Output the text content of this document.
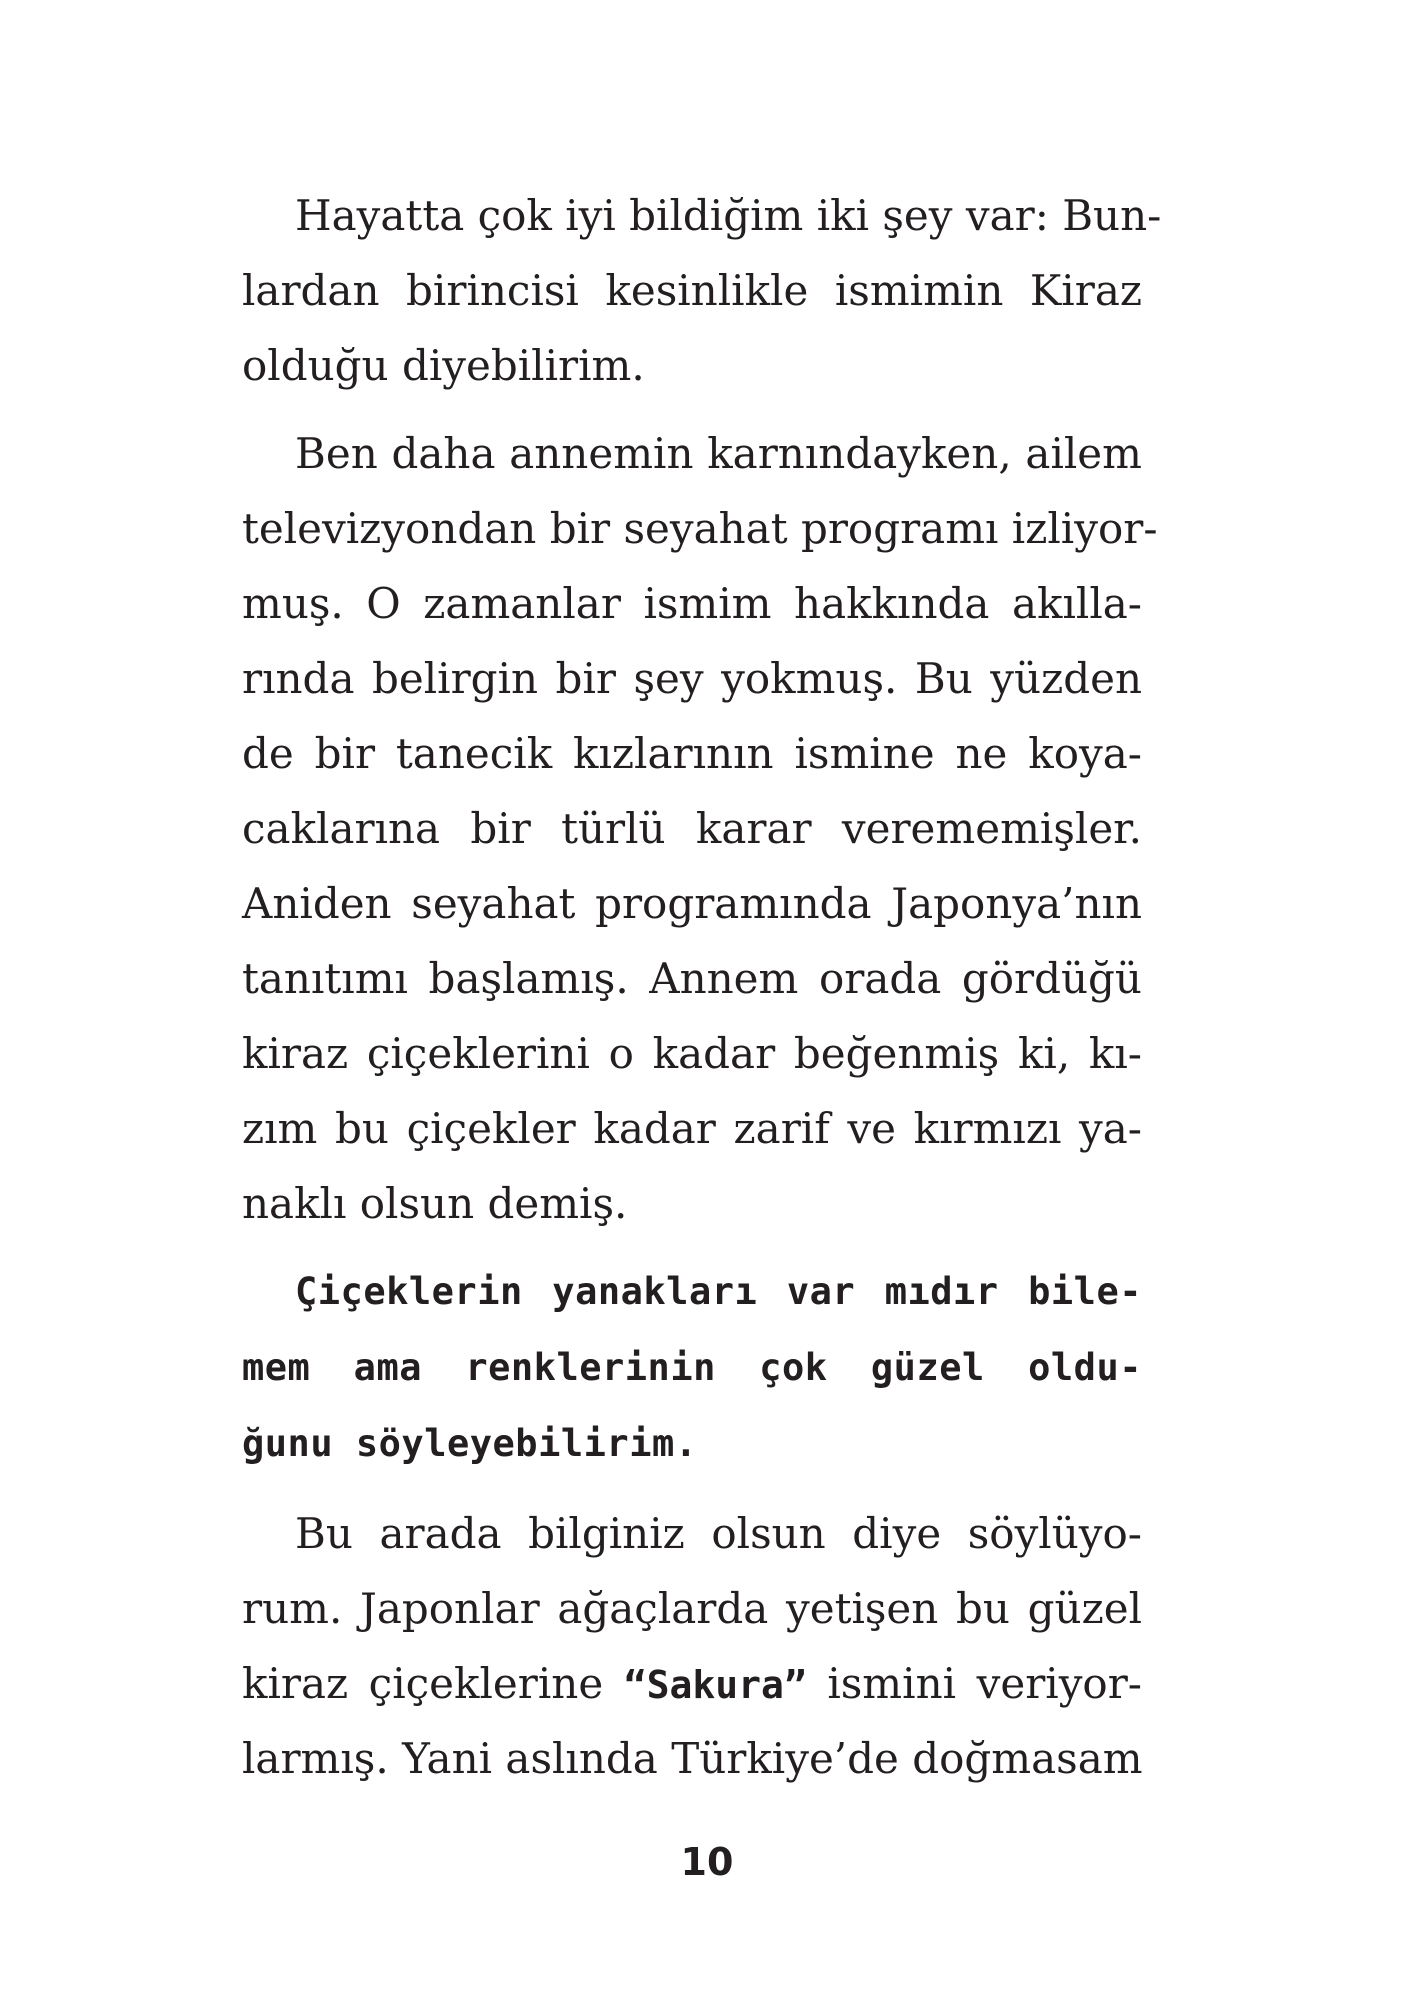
Hayatta çok iyi bildiğim iki şey var: Bun-

lardan birincisi kesinlikle ismimin Kiraz

olduğu diyebilirim.

Ben daha annemin karnındayken, ailem

televizyondan bir seyahat programı izliyor-

muş. O zamanlar ismim hakkında akılla-

rında belirgin bir şey yokmuş. Bu yüzden

de bir tanecik kızlarının ismine ne koya-

caklarına bir türlü karar verememişler.

Aniden seyahat programında Japonya’nın

tanıtımı başlamış. Annem orada gördüğü

kiraz çiçeklerini o kadar beğenmiş ki, kı-

zım bu çiçekler kadar zarif ve kırmızı ya-

naklı olsun demiş.

Çiçeklerin yanakları var mıdır bile-

mem ama renklerinin çok güzel oldu-

ğunu söyleyebilirim.

Bu arada bilginiz olsun diye söylüyo-

rum. Japonlar ağaçlarda yetişen bu güzel

kiraz çiçeklerine “Sakura” ismini veriyor-

larmış. Yani aslında Türkiye’de doğmasam

10
